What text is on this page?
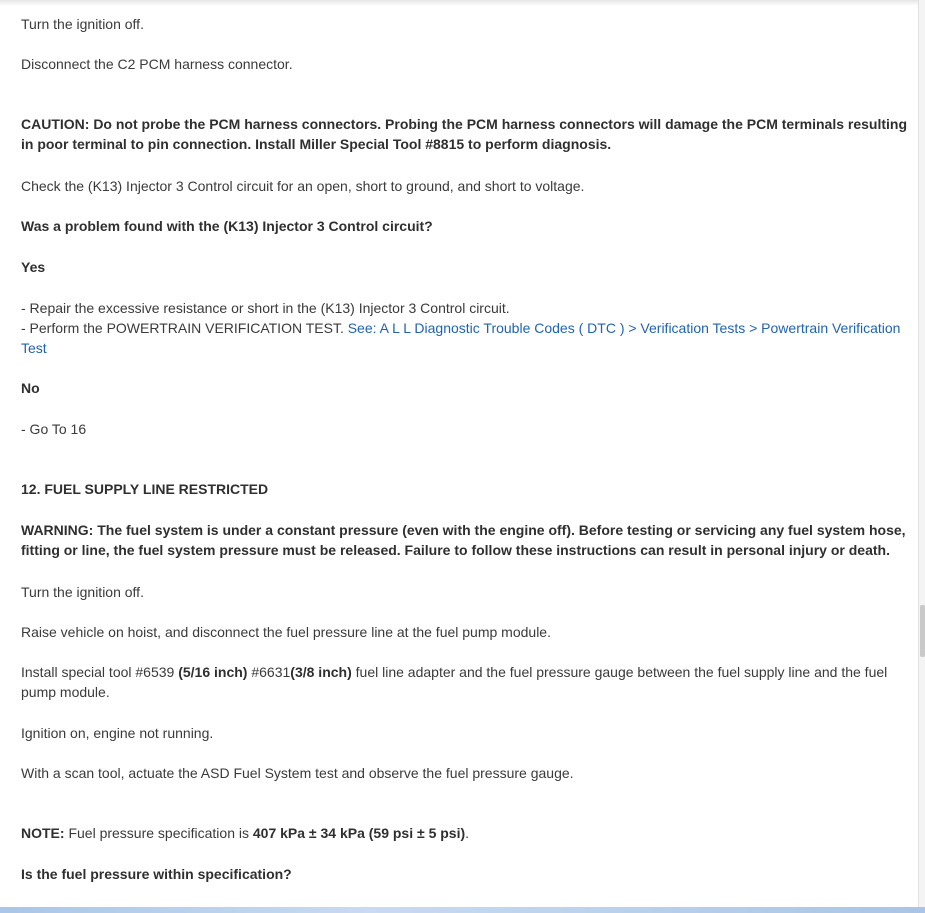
Turn the ignition off.
Disconnect the C2 PCM harness connector.
CAUTION: Do not probe the PCM harness connectors. Probing the PCM harness connectors will damage the PCM terminals resulting in poor terminal to pin connection. Install Miller Special Tool #8815 to perform diagnosis.
Check the (K13) Injector 3 Control circuit for an open, short to ground, and short to voltage.
Was a problem found with the (K13) Injector 3 Control circuit?
Yes
- Repair the excessive resistance or short in the (K13) Injector 3 Control circuit.
- Perform the POWERTRAIN VERIFICATION TEST. See: A L L Diagnostic Trouble Codes ( DTC ) > Verification Tests > Powertrain Verification Test
No
- Go To 16
12. FUEL SUPPLY LINE RESTRICTED
WARNING: The fuel system is under a constant pressure (even with the engine off). Before testing or servicing any fuel system hose, fitting or line, the fuel system pressure must be released. Failure to follow these instructions can result in personal injury or death.
Turn the ignition off.
Raise vehicle on hoist, and disconnect the fuel pressure line at the fuel pump module.
Install special tool #6539 (5/16 inch) #6631(3/8 inch) fuel line adapter and the fuel pressure gauge between the fuel supply line and the fuel pump module.
Ignition on, engine not running.
With a scan tool, actuate the ASD Fuel System test and observe the fuel pressure gauge.
NOTE: Fuel pressure specification is 407 kPa ± 34 kPa (59 psi ± 5 psi).
Is the fuel pressure within specification?
